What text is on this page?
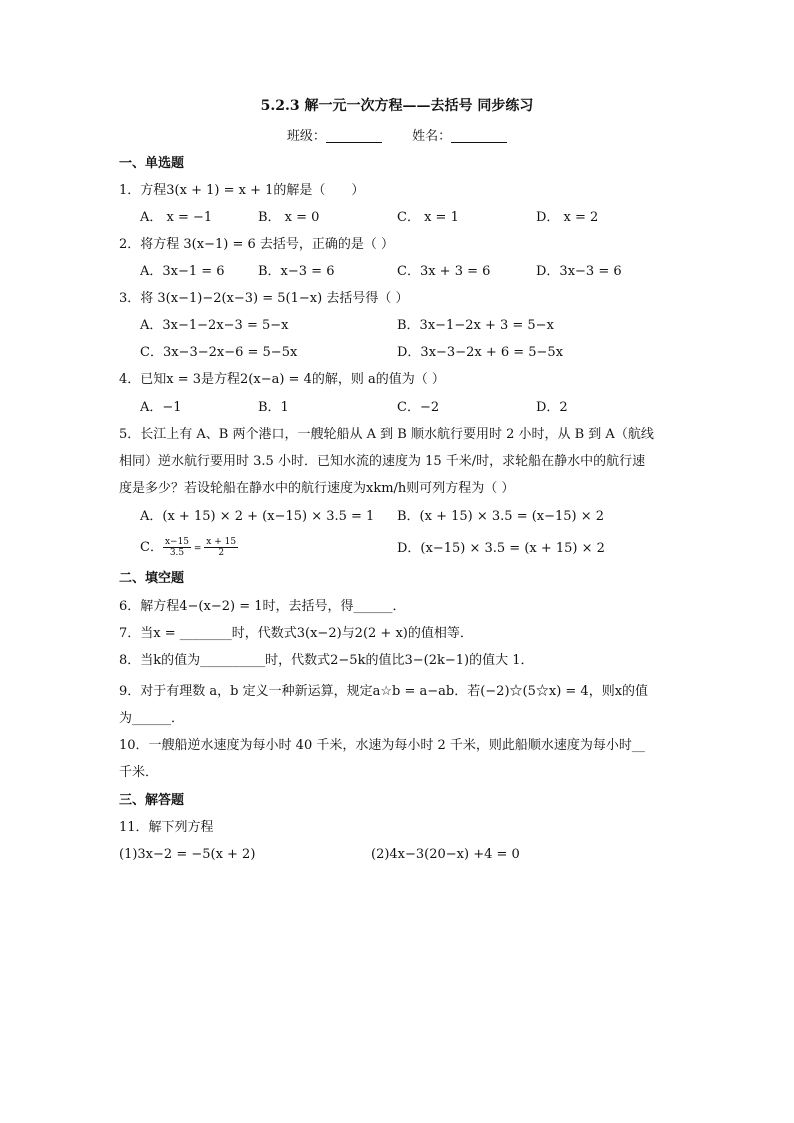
5.2.3 解一元一次方程——去括号 同步练习
班级：	姓名：
一、单选题
1．方程3(x + 1) = x + 1的解是（　　）
A． x = −1	B． x = 0	C． x = 1	D． x = 2
2．将方程 3(x−1) = 6 去括号，正确的是（ ）
A．3x−1 = 6	B．x−3 = 6	C．3x + 3 = 6	D．3x−3 = 6
3．将 3(x−1)−2(x−3) = 5(1−x) 去括号得（ ）
A．3x−1−2x−3 = 5−x	B．3x−1−2x + 3 = 5−x
C．3x−3−2x−6 = 5−5x	D．3x−3−2x + 6 = 5−5x
4．已知x = 3是方程2(x−a) = 4的解，则 a的值为（ ）
A．−1	B．1	C．−2	D．2
5．长江上有 A、B 两个港口，一艘轮船从 A 到 B 顺水航行要用时 2 小时，从 B 到 A（航线
相同）逆水航行要用时 3.5 小时．已知水流的速度为 15 千米/时，求轮船在静水中的航行速
度是多少？若设轮船在静水中的航行速度为xkm/h则可列方程为（ ）
A．(x + 15) × 2 + (x−15) × 3.5 = 1 B．(x + 15) × 3.5 = (x−15) × 2
C． $\frac{x-15}{3.5} = \frac{x + 15}{2}$	D．(x−15) × 3.5 = (x + 15) × 2
二、填空题
6．解方程4−(x−2) = 1时，去括号，得______．
7．当x = ________时，代数式3(x−2)与2(2 + x)的值相等．
8．当k的值为__________时，代数式2−5k的值比3−(2k−1)的值大 1．
9．对于有理数 a，b 定义一种新运算，规定a☆b = a−ab．若(−2)☆(5☆x) = 4，则x的值
为______．
10．一艘船逆水速度为每小时 40 千米，水速为每小时 2 千米，则此船顺水速度为每小时__
千米．
三、解答题
11．解下列方程
(1)3x−2 = −5(x + 2)	(2)4x−3(20−x) +4 = 0
